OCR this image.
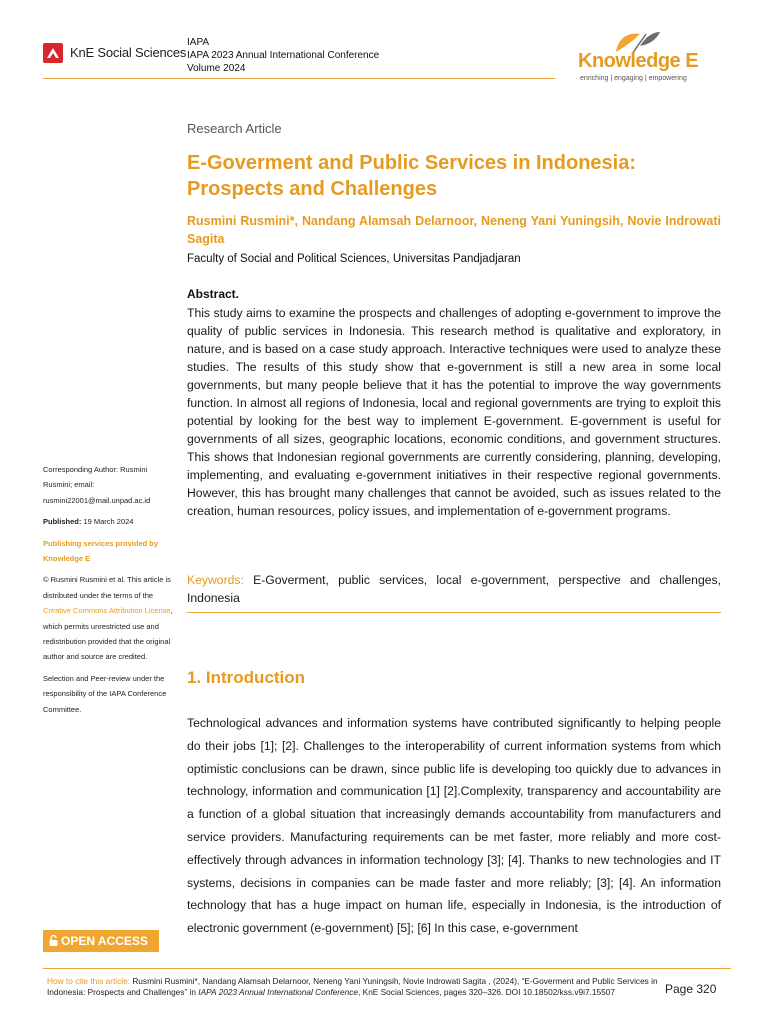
KnE Social Sciences
IAPA
IAPA 2023 Annual International Conference
Volume 2024	Knowledge E
enriching | engaging | empowering
Research Article
E-Goverment and Public Services in Indonesia: Prospects and Challenges
Rusmini Rusmini*, Nandang Alamsah Delarnoor, Neneng Yani Yuningsih, Novie Indrowati Sagita
Faculty of Social and Political Sciences, Universitas Pandjadjaran
Abstract.
This study aims to examine the prospects and challenges of adopting e-government to improve the quality of public services in Indonesia. This research method is qualitative and exploratory, in nature, and is based on a case study approach. Interactive techniques were used to analyze these studies. The results of this study show that e-government is still a new area in some local governments, but many people believe that it has the potential to improve the way governments function. In almost all regions of Indonesia, local and regional governments are trying to exploit this potential by looking for the best way to implement E-government. E-government is useful for governments of all sizes, geographic locations, economic conditions, and government structures. This shows that Indonesian regional governments are currently considering, planning, developing, implementing, and evaluating e-government initiatives in their respective regional governments. However, this has brought many challenges that cannot be avoided, such as issues related to the creation, human resources, policy issues, and implementation of e-government programs.
Keywords: E-Goverment, public services, local e-government, perspective and challenges, Indonesia
1. Introduction
Technological advances and information systems have contributed significantly to helping people do their jobs [1]; [2]. Challenges to the interoperability of current information systems from which optimistic conclusions can be drawn, since public life is developing too quickly due to advances in technology, information and communication [1] [2].Complexity, transparency and accountability are a function of a global situation that increasingly demands accountability from manufacturers and service providers. Manufacturing requirements can be met faster, more reliably and more cost-effectively through advances in information technology [3]; [4]. Thanks to new technologies and IT systems, decisions in companies can be made faster and more reliably; [3]; [4]. An information technology that has a huge impact on human life, especially in Indonesia, is the introduction of electronic government (e-government) [5]; [6] In this case, e-government

Corresponding Author: Rusmini Rusmini; email: rusmini22001@mail.unpad.ac.id

Published: 19 March 2024

Publishing services provided by Knowledge E

© Rusmini Rusmini et al. This article is distributed under the terms of the Creative Commons Attribution License, which permits unrestricted use and redistribution provided that the original author and source are credited.

Selection and Peer-review under the responsibility of the IAPA Conference Committee.

OPEN ACCESS
How to cite this article: Rusmini Rusmini*, Nandang Alamsah Delarnoor, Neneng Yani Yuningsih, Novie Indrowati Sagita , (2024), “E-Goverment and Public Services in Indonesia: Prospects and Challenges” in IAPA 2023 Annual International Conference, KnE Social Sciences, pages 320–326. DOI 10.18502/kss.v9i7.15507	Page 320
